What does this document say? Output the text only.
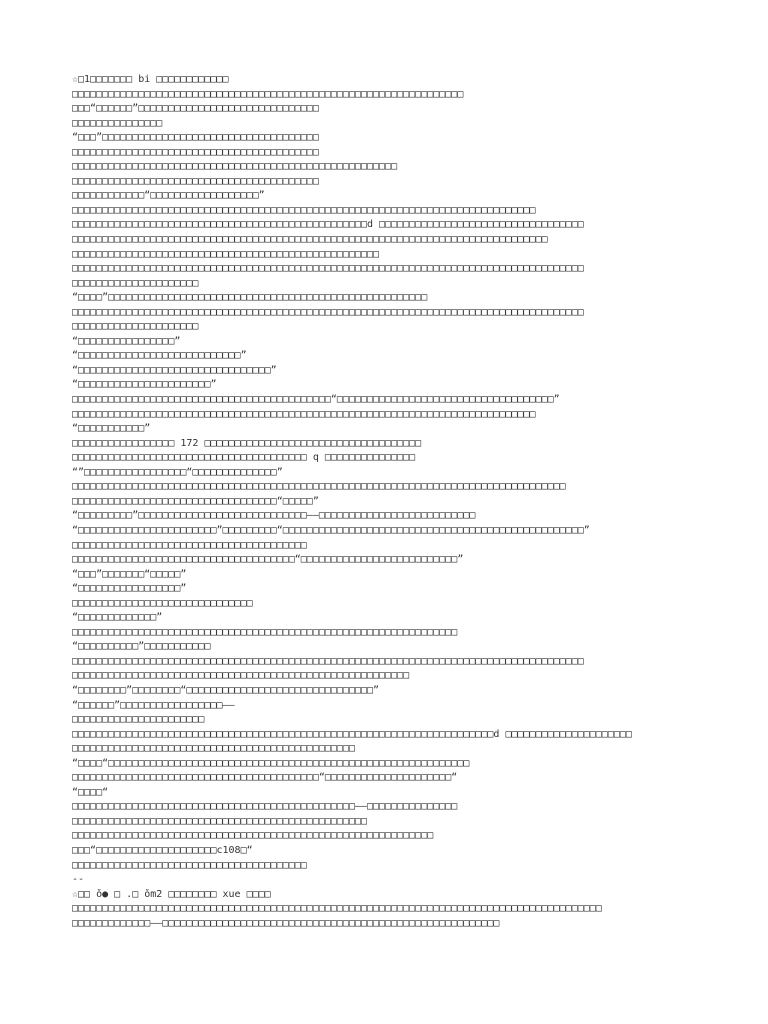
☆□1□□□□□□□ bi □□□□□□□□□□□□
□□□□□□□□□□□□□□□□□□□□□□□□□□□□□□□□□□□□□□□□□□□□□□□□□□□□□□□□□□□□□□□□□
□□□“□□□□□□”□□□□□□□□□□□□□□□□□□□□□□□□□□□□□□
□□□□□□□□□□□□□□□
“□□□”□□□□□□□□□□□□□□□□□□□□□□□□□□□□□□□□□□□□
□□□□□□□□□□□□□□□□□□□□□□□□□□□□□□□□□□□□□□□□□
□□□□□□□□□□□□□□□□□□□□□□□□□□□□□□□□□□□□□□□□□□□□□□□□□□□□□□
□□□□□□□□□□□□□□□□□□□□□□□□□□□□□□□□□□□□□□□□□
□□□□□□□□□□□□“□□□□□□□□□□□□□□□□□□”
□□□□□□□□□□□□□□□□□□□□□□□□□□□□□□□□□□□□□□□□□□□□□□□□□□□□□□□□□□□□□□□□□□□□□□□□□□□□□
□□□□□□□□□□□□□□□□□□□□□□□□□□□□□□□□□□□□□□□□□□□□□□□□□d □□□□□□□□□□□□□□□□□□□□□□□□□□□□□□□□□□
□□□□□□□□□□□□□□□□□□□□□□□□□□□□□□□□□□□□□□□□□□□□□□□□□□□□□□□□□□□□□□□□□□□□□□□□□□□□□□□
□□□□□□□□□□□□□□□□□□□□□□□□□□□□□□□□□□□□□□□□□□□□□□□□□□□
□□□□□□□□□□□□□□□□□□□□□□□□□□□□□□□□□□□□□□□□□□□□□□□□□□□□□□□□□□□□□□□□□□□□□□□□□□□□□□□□□□□□□
□□□□□□□□□□□□□□□□□□□□□
“□□□□”□□□□□□□□□□□□□□□□□□□□□□□□□□□□□□□□□□□□□□□□□□□□□□□□□□□□□
□□□□□□□□□□□□□□□□□□□□□□□□□□□□□□□□□□□□□□□□□□□□□□□□□□□□□□□□□□□□□□□□□□□□□□□□□□□□□□□□□□□□□
□□□□□□□□□□□□□□□□□□□□□
“□□□□□□□□□□□□□□□□”
“□□□□□□□□□□□□□□□□□□□□□□□□□□□”
“□□□□□□□□□□□□□□□□□□□□□□□□□□□□□□□□”
“□□□□□□□□□□□□□□□□□□□□□□”
□□□□□□□□□□□□□□□□□□□□□□□□□□□□□□□□□□□□□□□□□□□“□□□□□□□□□□□□□□□□□□□□□□□□□□□□□□□□□□□□”
□□□□□□□□□□□□□□□□□□□□□□□□□□□□□□□□□□□□□□□□□□□□□□□□□□□□□□□□□□□□□□□□□□□□□□□□□□□□□
“□□□□□□□□□□□”
□□□□□□□□□□□□□□□□□ 172 □□□□□□□□□□□□□□□□□□□□□□□□□□□□□□□□□□□□
□□□□□□□□□□□□□□□□□□□□□□□□□□□□□□□□□□□□□□□ q □□□□□□□□□□□□□□□
“”□□□□□□□□□□□□□□□□□“□□□□□□□□□□□□□□”
□□□□□□□□□□□□□□□□□□□□□□□□□□□□□□□□□□□□□□□□□□□□□□□□□□□□□□□□□□□□□□□□□□□□□□□□□□□□□□□□□□
□□□□□□□□□□□□□□□□□□□□□□□□□□□□□□□□□□“□□□□□”
“□□□□□□□□□”□□□□□□□□□□□□□□□□□□□□□□□□□□□□——□□□□□□□□□□□□□□□□□□□□□□□□□□
“□□□□□□□□□□□□□□□□□□□□□□□”□□□□□□□□□“□□□□□□□□□□□□□□□□□□□□□□□□□□□□□□□□□□□□□□□□□□□□□□□□□□”
□□□□□□□□□□□□□□□□□□□□□□□□□□□□□□□□□□□□□□□
□□□□□□□□□□□□□□□□□□□□□□□□□□□□□□□□□□□□□“□□□□□□□□□□□□□□□□□□□□□□□□□□”
“□□□”□□□□□□□“□□□□□”
“□□□□□□□□□□□□□□□□□”
□□□□□□□□□□□□□□□□□□□□□□□□□□□□□□
“□□□□□□□□□□□□□”
□□□□□□□□□□□□□□□□□□□□□□□□□□□□□□□□□□□□□□□□□□□□□□□□□□□□□□□□□□□□□□□□
“□□□□□□□□□□”□□□□□□□□□□□
□□□□□□□□□□□□□□□□□□□□□□□□□□□□□□□□□□□□□□□□□□□□□□□□□□□□□□□□□□□□□□□□□□□□□□□□□□□□□□□□□□□□□
□□□□□□□□□□□□□□□□□□□□□□□□□□□□□□□□□□□□□□□□□□□□□□□□□□□□□□□□
“□□□□□□□□”□□□□□□□□“□□□□□□□□□□□□□□□□□□□□□□□□□□□□□□□”
“□□□□□□”□□□□□□□□□□□□□□□□□——
□□□□□□□□□□□□□□□□□□□□□□
□□□□□□□□□□□□□□□□□□□□□□□□□□□□□□□□□□□□□□□□□□□□□□□□□□□□□□□□□□□□□□□□□□□□□□d □□□□□□□□□□□□□□□□□□□□□
□□□□□□□□□□□□□□□□□□□□□□□□□□□□□□□□□□□□□□□□□□□□□□□
“□□□□“□□□□□□□□□□□□□□□□□□□□□□□□□□□□□□□□□□□□□□□□□□□□□□□□□□□□□□□□□□□□
□□□□□□□□□□□□□□□□□□□□□□□□□□□□□□□□□□□□□□□□□“□□□□□□□□□□□□□□□□□□□□□“
“□□□□“
□□□□□□□□□□□□□□□□□□□□□□□□□□□□□□□□□□□□□□□□□□□□□□□——□□□□□□□□□□□□□□□
□□□□□□□□□□□□□□□□□□□□□□□□□□□□□□□□□□□□□□□□□□□□□□□□□
□□□□□□□□□□□□□□□□□□□□□□□□□□□□□□□□□□□□□□□□□□□□□□□□□□□□□□□□□□□□
□□□“□□□□□□□□□□□□□□□□□□□□c108□“
□□□□□□□□□□□□□□□□□□□□□□□□□□□□□□□□□□□□□□□
--
☆□□ ǒ● □ .□ ǒm2 □□□□□□□□ xue □□□□
□□□□□□□□□□□□□□□□□□□□□□□□□□□□□□□□□□□□□□□□□□□□□□□□□□□□□□□□□□□□□□□□□□□□□□□□□□□□□□□□□□□□□□□□
□□□□□□□□□□□□□——□□□□□□□□□□□□□□□□□□□□□□□□□□□□□□□□□□□□□□□□□□□□□□□□□□□□□□□□
